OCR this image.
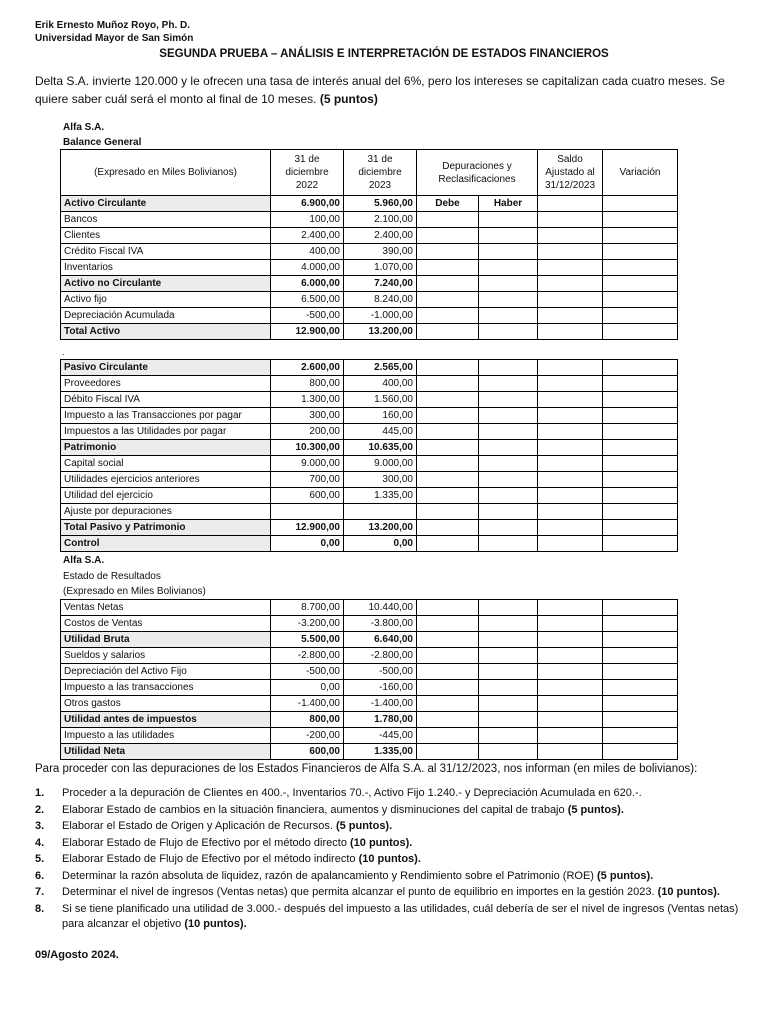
Erik Ernesto Muñoz Royo, Ph. D.
Universidad Mayor de San Simón
SEGUNDA PRUEBA – ANÁLISIS E INTERPRETACIÓN DE ESTADOS FINANCIEROS
Delta S.A. invierte 120.000 y le ofrecen una tasa de interés anual del 6%, pero los intereses se capitalizan cada cuatro meses. Se quiere saber cuál será el monto al final de 10 meses. (5 puntos)
Alfa S.A.
Balance General
(Expresado en Miles Bolivianos)	31 de diciembre 2022	31 de diciembre 2023	Depuraciones y Reclasificaciones		Saldo Ajustado al 31/12/2023	Variación
Activo Circulante	6.900,00	5.960,00	Debe	Haber		
Bancos	100,00	2.100,00				
Clientes	2.400,00	2.400,00				
Crédito Fiscal IVA	400,00	390,00				
Inventarios	4.000,00	1.070,00				
Activo no Circulante	6.000,00	7.240,00				
Activo fijo	6.500,00	8.240,00				
Depreciación Acumulada	-500,00	-1.000,00				
Total Activo	12.900,00	13.200,00				
.
Pasivo Circulante	2.600,00	2.565,00				
Proveedores	800,00	400,00				
Débito Fiscal IVA	1.300,00	1.560,00				
Impuesto a las Transacciones por pagar	300,00	160,00				
Impuestos a las Utilidades por pagar	200,00	445,00				
Patrimonio	10.300,00	10.635,00				
Capital social	9.000,00	9.000,00				
Utilidades ejercicios anteriores	700,00	300,00				
Utilidad del ejercicio	600,00	1.335,00				
Ajuste por depuraciones						
Total Pasivo y Patrimonio	12.900,00	13.200,00				
Control	0,00	0,00				
Alfa S.A.
Estado de Resultados
(Expresado en Miles Bolivianos)
Ventas Netas	8.700,00	10.440,00				
Costos de Ventas	-3.200,00	-3.800,00				
Utilidad Bruta	5.500,00	6.640,00				
Sueldos y salarios	-2.800,00	-2.800,00				
Depreciación del Activo Fijo	-500,00	-500,00				
Impuesto a las transacciones	0,00	-160,00				
Otros gastos	-1.400,00	-1.400,00				
Utilidad antes de impuestos	800,00	1.780,00				
Impuesto a las utilidades	-200,00	-445,00				
Utilidad Neta	600,00	1.335,00				
Para proceder con las depuraciones de los Estados Financieros de Alfa S.A. al 31/12/2023, nos informan (en miles de bolivianos):
1.	Proceder a la depuración de Clientes en 400.-, Inventarios 70.-, Activo Fijo 1.240.- y Depreciación Acumulada en 620.-.
2.	Elaborar Estado de cambios en la situación financiera, aumentos y disminuciones del capital de trabajo (5 puntos).
3.	Elaborar el Estado de Origen y Aplicación de Recursos. (5 puntos).
4.	Elaborar Estado de Flujo de Efectivo por el método directo (10 puntos).
5.	Elaborar Estado de Flujo de Efectivo por el método indirecto (10 puntos).
6.	Determinar la razón absoluta de liquidez, razón de apalancamiento y Rendimiento sobre el Patrimonio (ROE) (5 puntos).
7.	Determinar el nivel de ingresos (Ventas netas) que permita alcanzar el punto de equilibrio en importes en la gestión 2023. (10 puntos).
8.	Si se tiene planificado una utilidad de 3.000.- después del impuesto a las utilidades, cuál debería de ser el nivel de ingresos (Ventas netas) para alcanzar el objetivo (10 puntos).
09/Agosto 2024.
